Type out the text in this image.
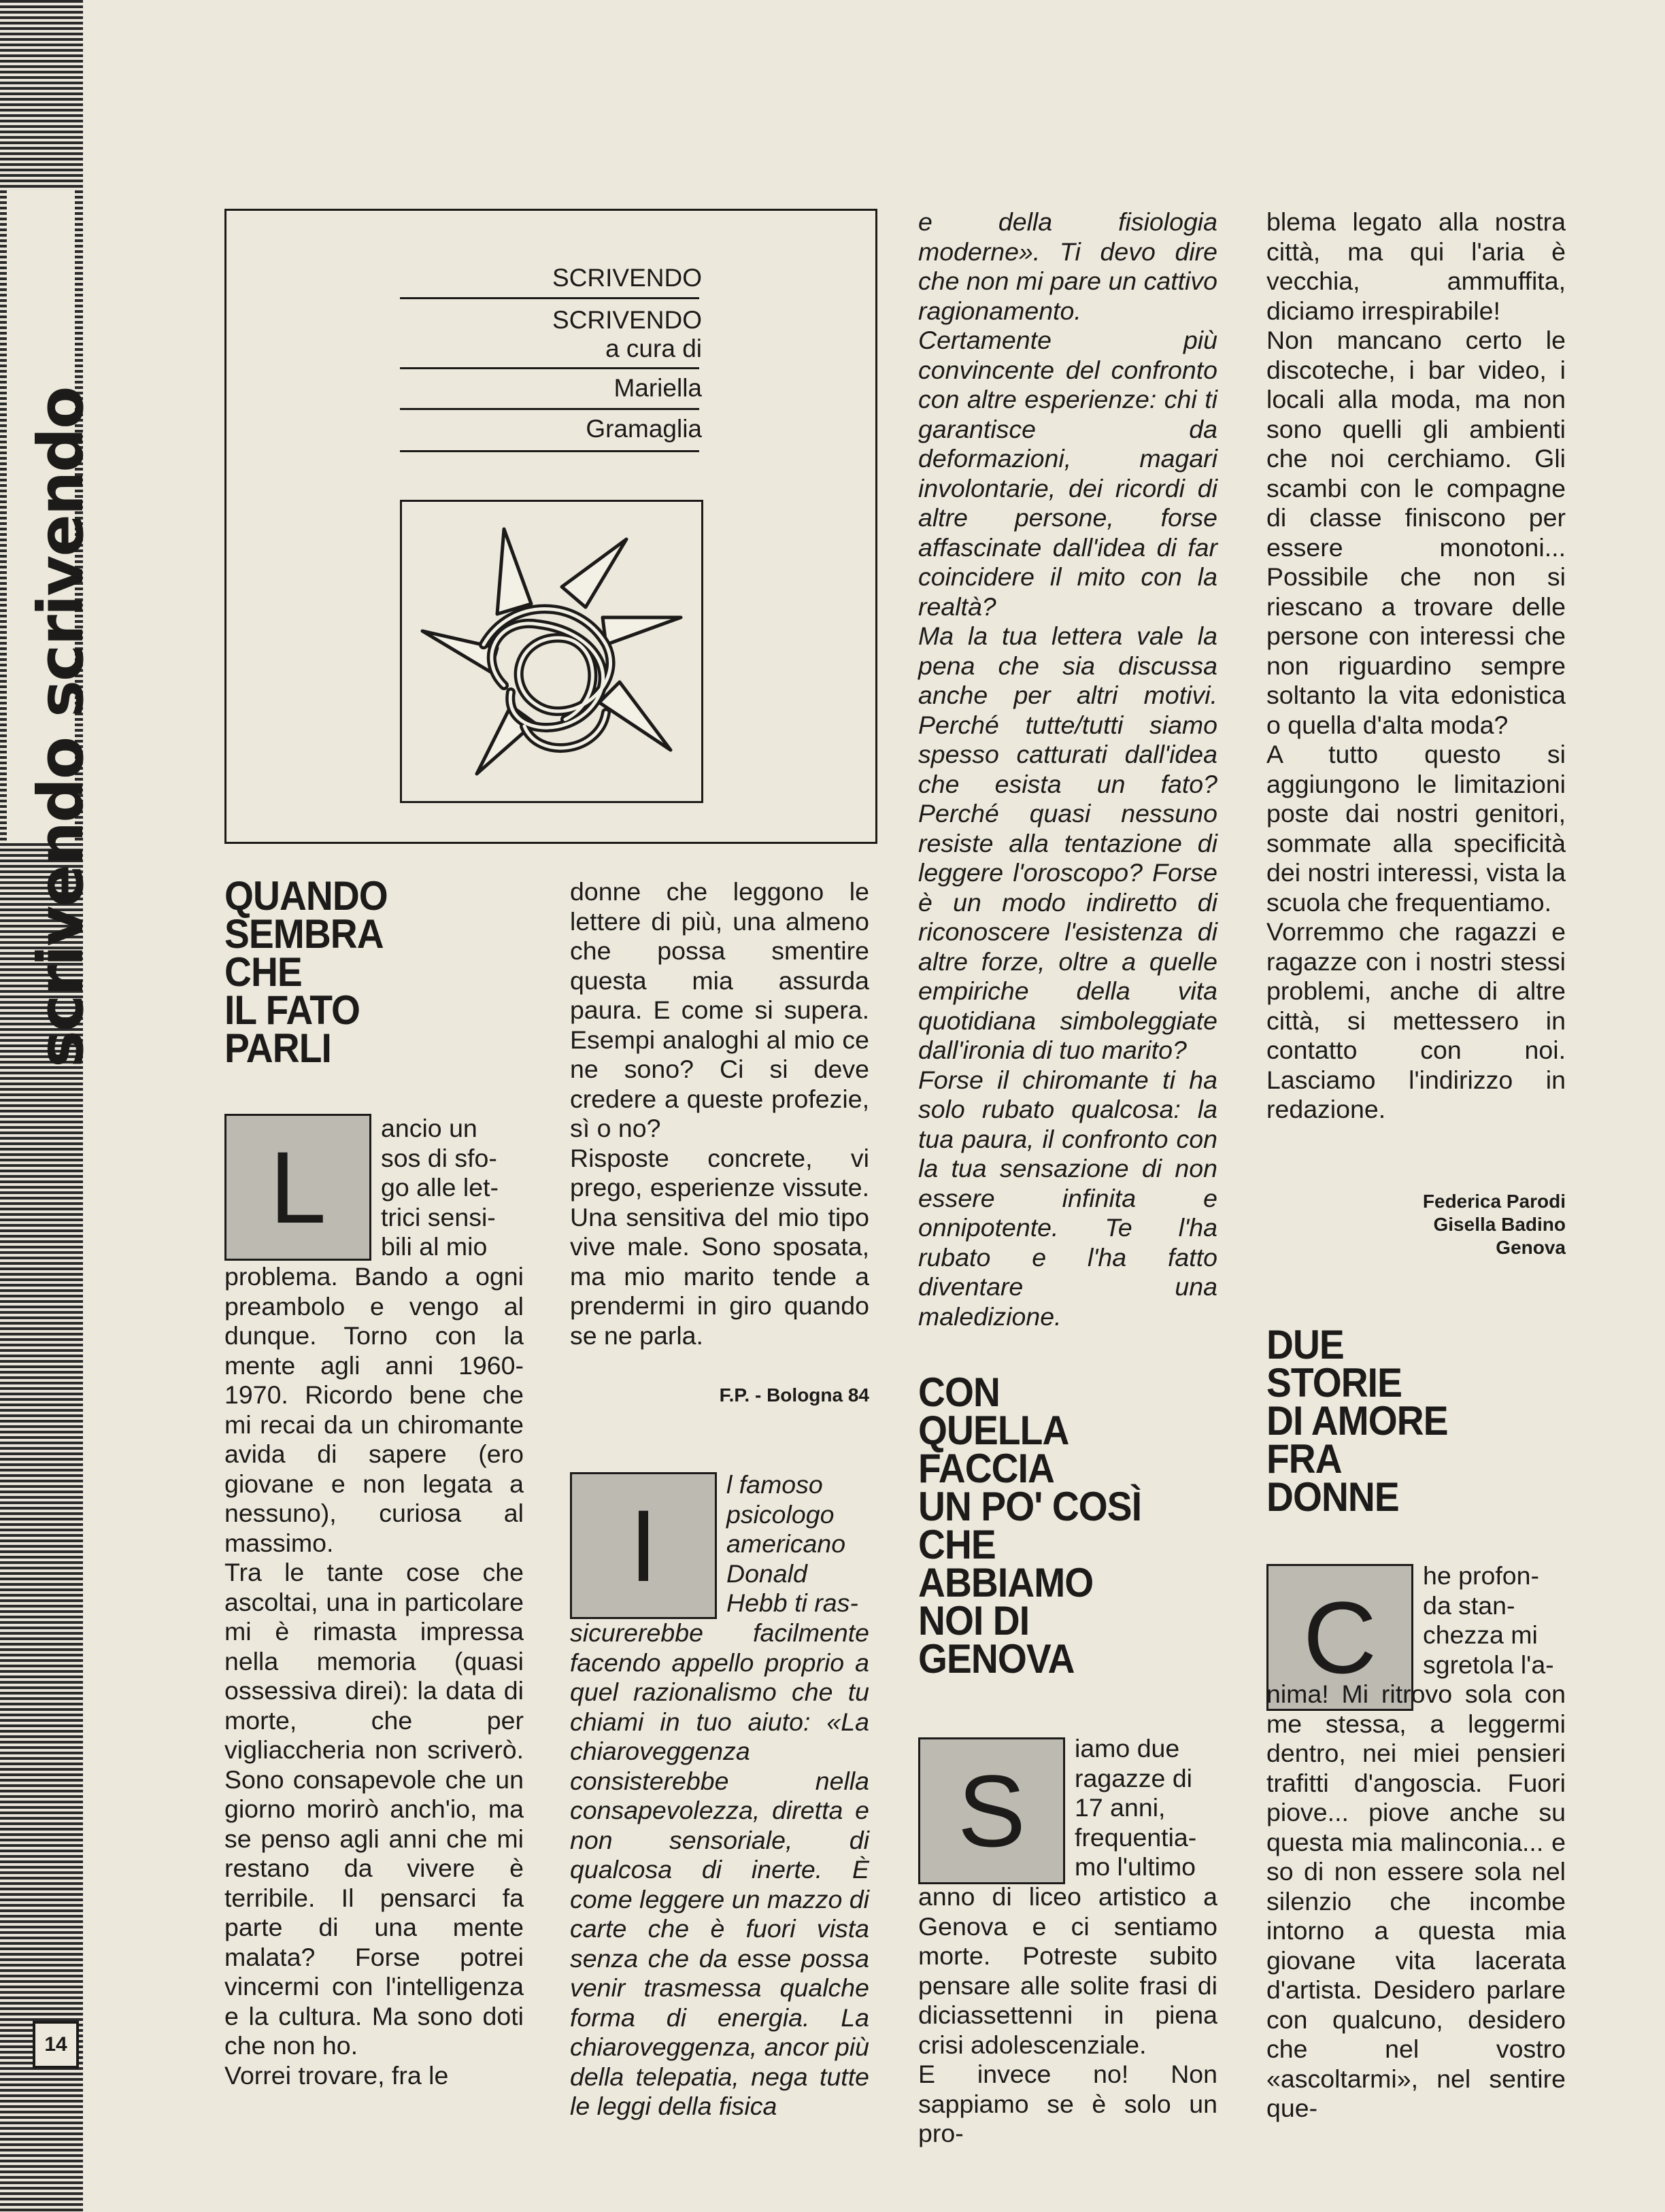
scrivendo scrivendo
14
SCRIVENDO
SCRIVENDO
a cura di
Mariella
Gramaglia
QUANDO
SEMBRA
CHE
IL FATO
PARLI
L
ancio un
sos di sfo-
go alle let-
trici sensi-
bili al mio

problema. Bando a ogni preambolo e vengo al dunque. Torno con la mente agli anni 1960-1970. Ricordo bene che mi recai da un chiromante avida di sapere (ero giovane e non legata a nessuno), curiosa al massimo.

Tra le tante cose che ascoltai, una in particolare mi è rimasta impressa nella memoria (quasi ossessiva direi): la data di morte, che per vigliaccheria non scriverò. Sono consapevole che un giorno morirò anch'io, ma se penso agli anni che mi restano da vivere è terribile. Il pensarci fa parte di una mente malata? Forse potrei vincermi con l'intelligenza e la cultura. Ma sono doti che non ho.

Vorrei trovare, fra le

donne che leggono le lettere di più, una almeno che possa smentire questa mia assurda paura. E come si supera. Esempi analoghi al mio ce ne sono? Ci si deve credere a queste profezie, sì o no?

Risposte concrete, vi prego, esperienze vissute. Una sensitiva del mio tipo vive male. Sono sposata, ma mio marito tende a prendermi in giro quando se ne parla.

F.P. - Bologna 84
I
l famoso
psicologo
americano
Donald
Hebb ti ras-

sicurerebbe facilmente facendo appello proprio a quel razionalismo che tu chiami in tuo aiuto: «La chiaroveggenza consisterebbe nella consapevolezza, diretta e non sensoriale, di qualcosa di inerte. È come leggere un mazzo di carte che è fuori vista senza che da esse possa venir trasmessa qualche forma di energia. La chiaroveggenza, ancor più della telepatia, nega tutte le leggi della fisica

e della fisiologia moderne». Ti devo dire che non mi pare un cattivo ragionamento. Certamente più convincente del confronto con altre esperienze: chi ti garantisce da deformazioni, magari involontarie, dei ricordi di altre persone, forse affascinate dall'idea di far coincidere il mito con la realtà?

Ma la tua lettera vale la pena che sia discussa anche per altri motivi. Perché tutte/tutti siamo spesso catturati dall'idea che esista un fato? Perché quasi nessuno resiste alla tentazione di leggere l'oroscopo? Forse è un modo indiretto di riconoscere l'esistenza di altre forze, oltre a quelle empiriche della vita quotidiana simboleggiate dall'ironia di tuo marito?

Forse il chiromante ti ha solo rubato qualcosa: la tua paura, il confronto con la tua sensazione di non essere infinita e onnipotente. Te l'ha rubato e l'ha fatto diventare una maledizione.

CON
QUELLA
FACCIA
UN PO' COSÌ
CHE
ABBIAMO
NOI DI
GENOVA
S
iamo due
ragazze di
17 anni,
frequentia-
mo l'ultimo

anno di liceo artistico a Genova e ci sentiamo morte. Potreste subito pensare alle solite frasi di diciassettenni in piena crisi adolescenziale.

E invece no! Non sappiamo se è solo un pro-

blema legato alla nostra città, ma qui l'aria è vecchia, ammuffita, diciamo irrespirabile!

Non mancano certo le discoteche, i bar video, i locali alla moda, ma non sono quelli gli ambienti che noi cerchiamo. Gli scambi con le compagne di classe finiscono per essere monotoni... Possibile che non si riescano a trovare delle persone con interessi che non riguardino sempre soltanto la vita edonistica o quella d'alta moda?

A tutto questo si aggiungono le limitazioni poste dai nostri genitori, sommate alla specificità dei nostri interessi, vista la scuola che frequentiamo.

Vorremmo che ragazzi e ragazze con i nostri stessi problemi, anche di altre città, si mettessero in contatto con noi. Lasciamo l'indirizzo in redazione.

Federica Parodi
Gisella Badino
Genova
DUE
STORIE
DI AMORE
FRA
DONNE
C
he profon-
da stan-
chezza mi
sgretola l'a-

nima! Mi ritrovo sola con me stessa, a leggermi dentro, nei miei pensieri trafitti d'angoscia. Fuori piove... piove anche su questa mia malinconia... e so di non essere sola nel silenzio che incombe intorno a questa mia giovane vita lacerata d'artista. Desidero parlare con qualcuno, desidero che nel vostro «ascoltarmi», nel sentire que-
